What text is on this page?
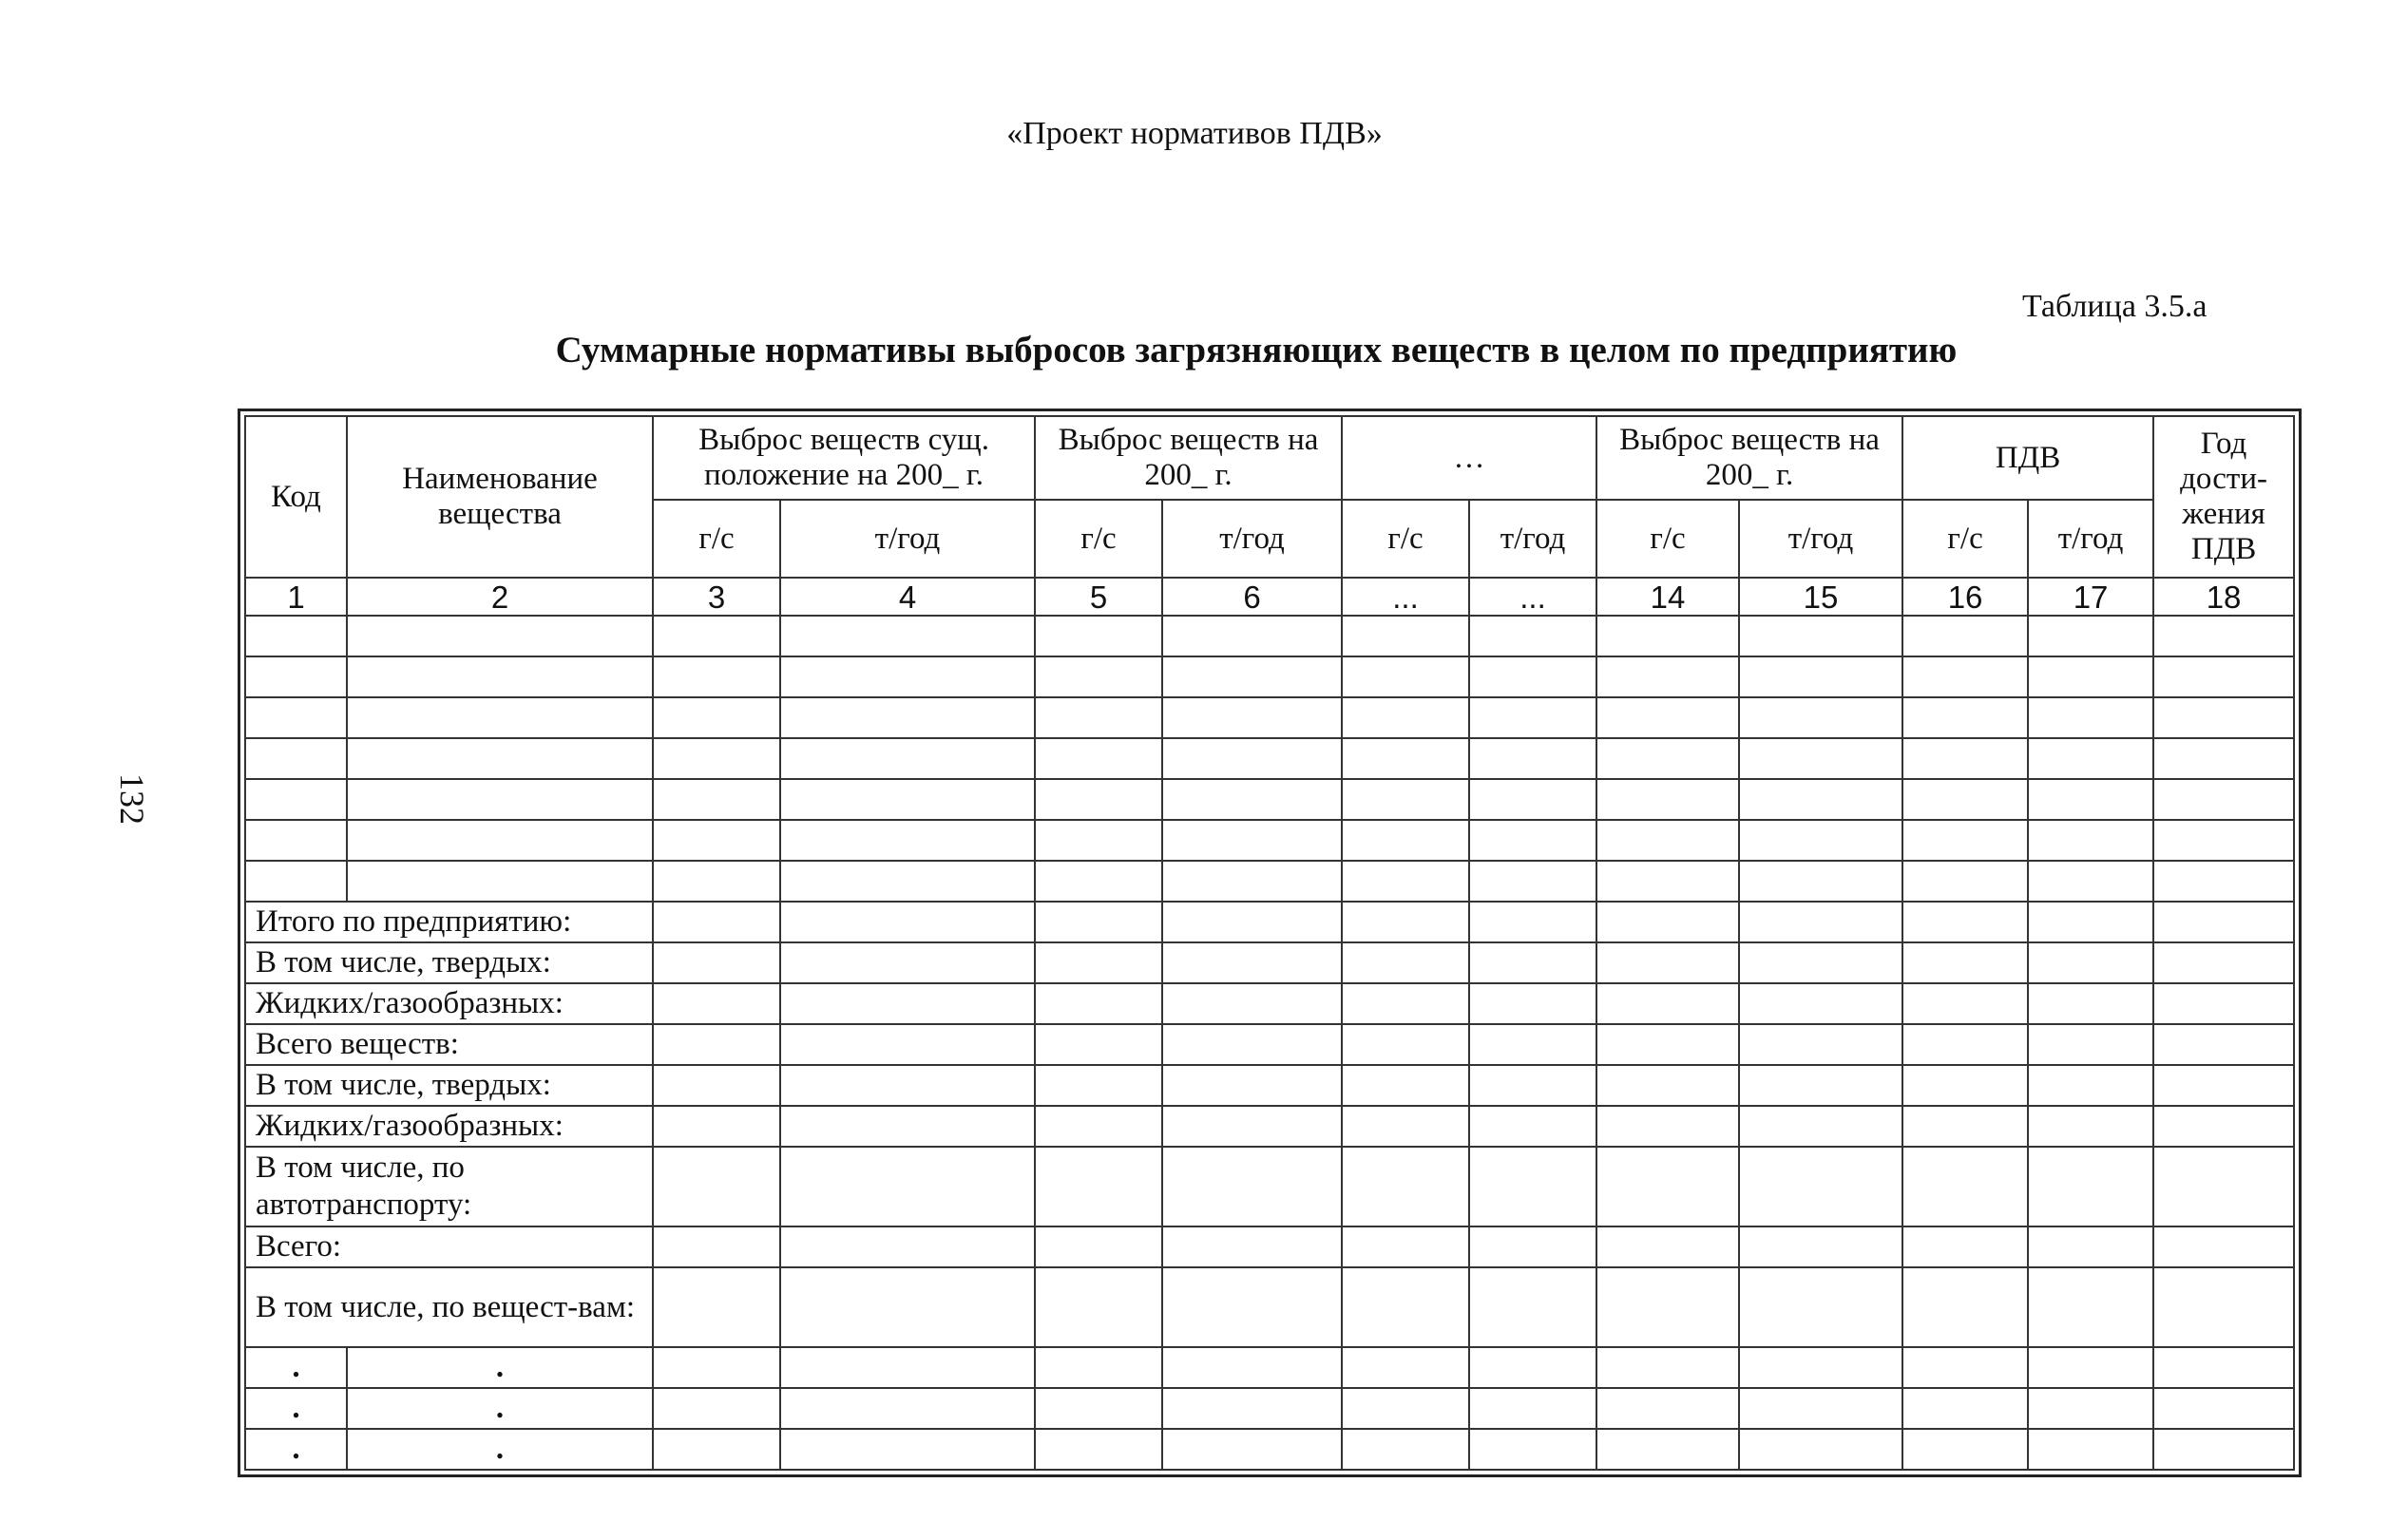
«Проект нормативов ПДВ»
Таблица 3.5.а
Суммарные нормативы выбросов загрязняющих веществ в целом по предприятию
132
Код	Наименование вещества	Выброс веществ сущ. положение на 200_ г.		Выброс веществ на 200_ г.		…		Выброс веществ на 200_ г.		ПДВ		Год дости-жения ПДВ
		г/с	т/год	г/с	т/год	г/с	т/год	г/с	т/год	г/с	т/год	
1	2	3	4	5	6	...	...	14	15	16	17	18

Итого по предприятию:												
В том числе, твердых:												
Жидких/газообразных:												
Всего веществ:												
В том числе, твердых:												
Жидких/газообразных:												
В том числе, по автотранспорту:												
Всего:												
В том числе, по вещест-вам:												
.	.											
.	.											
.	.											
